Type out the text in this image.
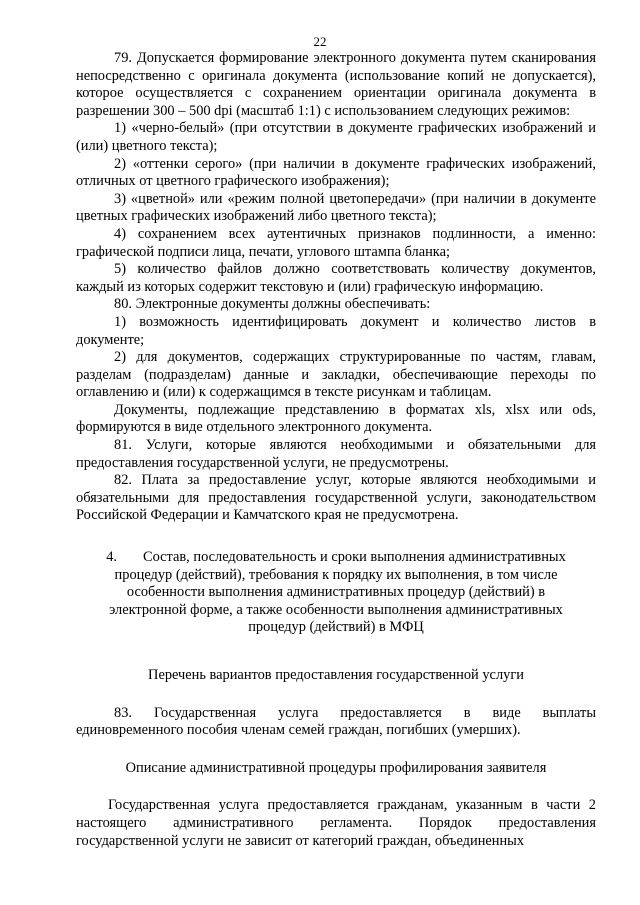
22

79. Допускается формирование электронного документа путем сканирования непосредственно с оригинала документа (использование копий не допускается), которое осуществляется с сохранением ориентации оригинала документа в разрешении 300 – 500 dpi (масштаб 1:1) с использованием следующих режимов:

1) «черно-белый» (при отсутствии в документе графических изображений и (или) цветного текста);

2) «оттенки серого» (при наличии в документе графических изображений, отличных от цветного графического изображения);

3) «цветной» или «режим полной цветопередачи» (при наличии в документе цветных графических изображений либо цветного текста);

4) сохранением всех аутентичных признаков подлинности, а именно: графической подписи лица, печати, углового штампа бланка;

5) количество файлов должно соответствовать количеству документов, каждый из которых содержит текстовую и (или) графическую информацию.

80. Электронные документы должны обеспечивать:

1) возможность идентифицировать документ и количество листов в документе;

2) для документов, содержащих структурированные по частям, главам, разделам (подразделам) данные и закладки, обеспечивающие переходы по оглавлению и (или) к содержащимся в тексте рисункам и таблицам.

Документы, подлежащие представлению в форматах xls, xlsx или ods, формируются в виде отдельного электронного документа.

81. Услуги, которые являются необходимыми и обязательными для предоставления государственной услуги, не предусмотрены.

82. Плата за предоставление услуг, которые являются необходимыми и обязательными для предоставления государственной услуги, законодательством Российской Федерации и Камчатского края не предусмотрена.

4. Состав, последовательность и сроки выполнения административных процедур (действий), требования к порядку их выполнения, в том числе особенности выполнения административных процедур (действий) в электронной форме, а также особенности выполнения административных процедур (действий) в МФЦ

Перечень вариантов предоставления государственной услуги

83. Государственная услуга предоставляется в виде выплаты единовременного пособия членам семей граждан, погибших (умерших).

Описание административной процедуры профилирования заявителя

Государственная услуга предоставляется гражданам, указанным в части 2 настоящего административного регламента. Порядок предоставления государственной услуги не зависит от категорий граждан, объединенных
